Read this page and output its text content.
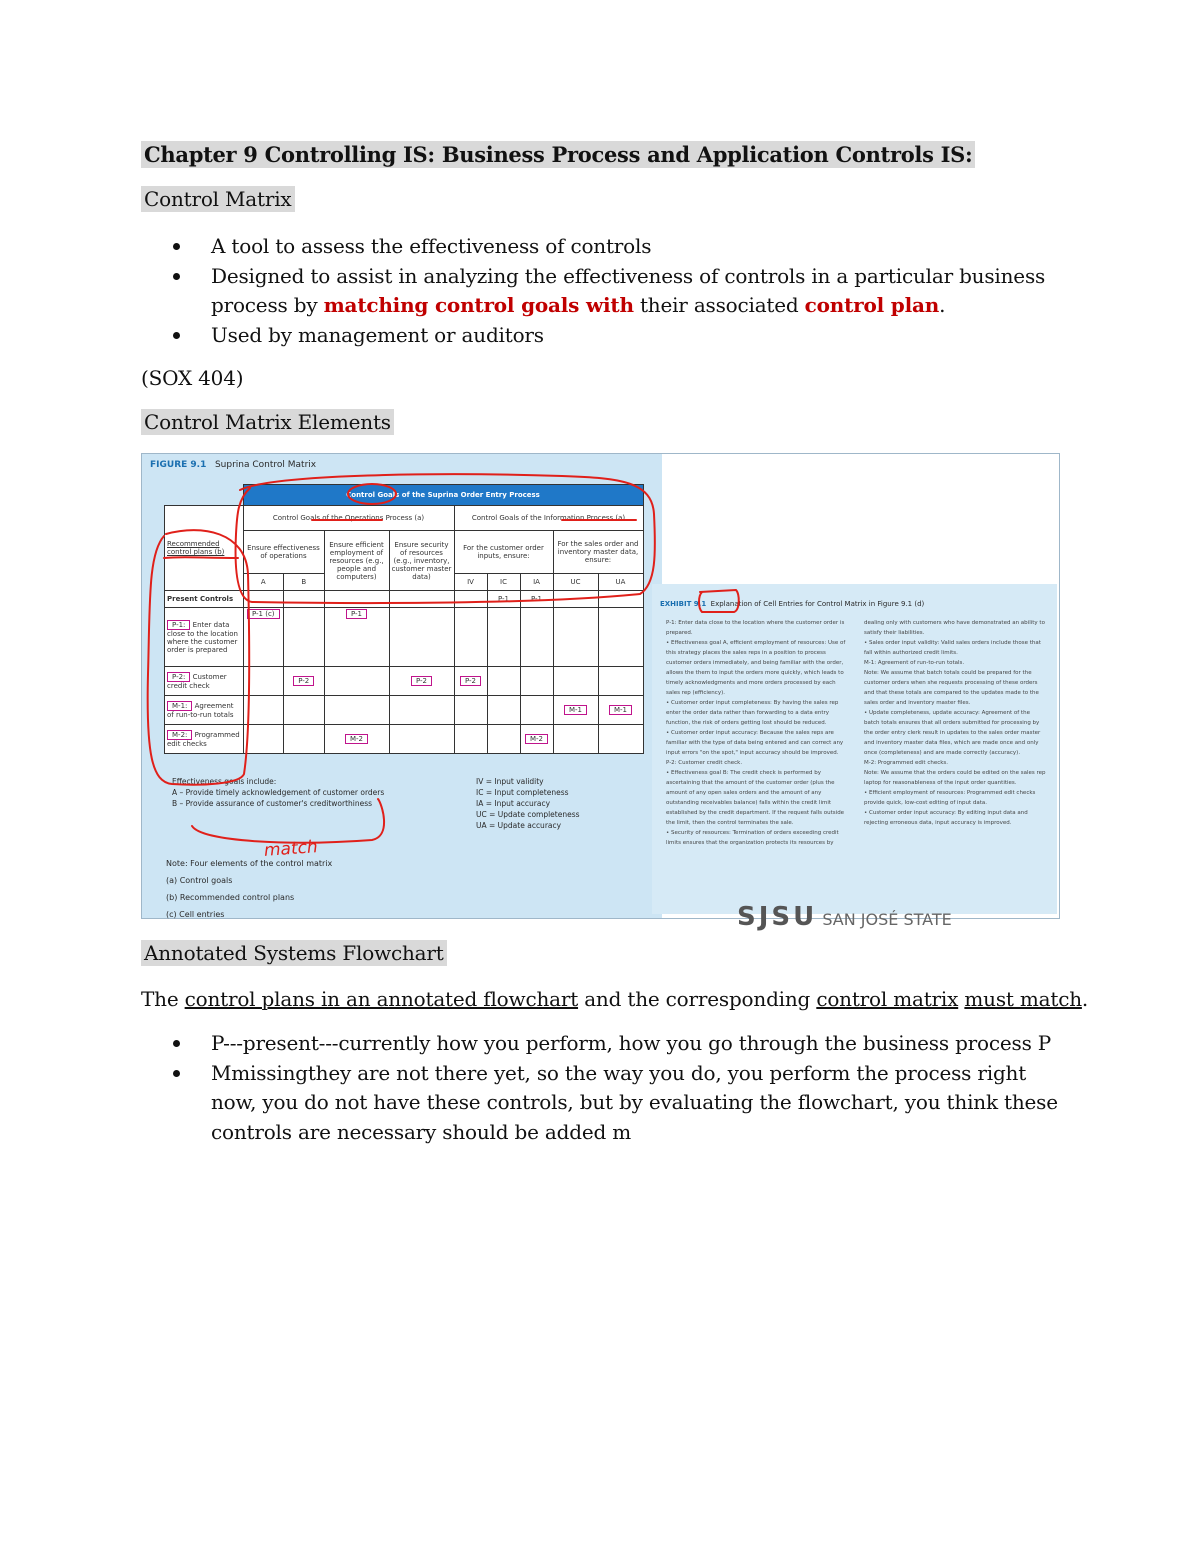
Chapter 9 Controlling IS: Business Process and Application Controls IS:
Control Matrix
A tool to assess the effectiveness of controls
Designed to assist in analyzing the effectiveness of controls in a particular business process by matching control goals with their associated control plan.
Used by management or auditors
(SOX 404)
Control Matrix Elements
FIGURE 9.1 Suprina Control Matrix
	Control Goals of the Suprina Order Entry Process								
Recommended control plans (b)	Control Goals of the Operations Process (a)				Control Goals of the Information Process (a)				
	Ensure effectiveness of operations		Ensure efficient employment of resources (e.g., people and computers)	Ensure security of resources (e.g., inventory, customer master data)	For the customer order inputs, ensure:			For the sales order and inventory master data, ensure:	
	A	B			IV	IC	IA	UC	UA
Present Controls						P-1	P-1		
P-1: Enter data close to the location where the customer order is prepared	P-1 (c)		P-1						
P-2: Customer credit check		P-2		P-2	P-2				
M-1: Agreement of run-to-run totals								M-1	M-1
M-2: Programmed edit checks			M-2				M-2		
Effectiveness goals include:
A – Provide timely acknowledgement of customer orders
B – Provide assurance of customer's creditworthiness
IV = Input validity
IC = Input completeness
IA = Input accuracy
UC = Update completeness
UA = Update accuracy
Note: Four elements of the control matrix
(a) Control goals
(b) Recommended control plans
(c) Cell entries
match
EXHIBIT 9.1 Explanation of Cell Entries for Control Matrix in Figure 9.1 (d)
P-1: Enter data close to the location where the customer order is prepared.
• Effectiveness goal A, efficient employment of resources: Use of this strategy places the sales reps in a position to process customer orders immediately, and being familiar with the order, allows the them to input the orders more quickly, which leads to timely acknowledgments and more orders processed by each sales rep (efficiency).
• Customer order input completeness: By having the sales rep enter the order data rather than forwarding to a data entry function, the risk of orders getting lost should be reduced.
• Customer order input accuracy: Because the sales reps are familiar with the type of data being entered and can correct any input errors "on the spot," input accuracy should be improved.
P-2: Customer credit check.
• Effectiveness goal B: The credit check is performed by ascertaining that the amount of the customer order (plus the amount of any open sales orders and the amount of any outstanding receivables balance) falls within the credit limit established by the credit department. If the request falls outside the limit, then the control terminates the sale.
• Security of resources: Termination of orders exceeding credit limits ensures that the organization protects its resources by
dealing only with customers who have demonstrated an ability to satisfy their liabilities.
• Sales order input validity: Valid sales orders include those that fall within authorized credit limits.
M-1: Agreement of run-to-run totals.
Note: We assume that batch totals could be prepared for the customer orders when she requests processing of these orders and that these totals are compared to the updates made to the sales order and inventory master files.
• Update completeness, update accuracy: Agreement of the batch totals ensures that all orders submitted for processing by the order entry clerk result in updates to the sales order master and inventory master data files, which are made once and only once (completeness) and are made correctly (accuracy).
M-2: Programmed edit checks.
Note: We assume that the orders could be edited on the sales rep laptop for reasonableness of the input order quantities.
• Efficient employment of resources: Programmed edit checks provide quick, low-cost editing of input data.
• Customer order input accuracy: By editing input data and rejecting erroneous data, input accuracy is improved.
SJSU SAN JOSÉ STATE
Annotated Systems Flowchart
The control plans in an annotated flowchart and the corresponding control matrix must match.
P---present---currently how you perform, how you go through the business process P
Mmissingthey are not there yet, so the way you do, you perform the process right now, you do not have these controls, but by evaluating the flowchart, you think these controls are necessary should be added m
